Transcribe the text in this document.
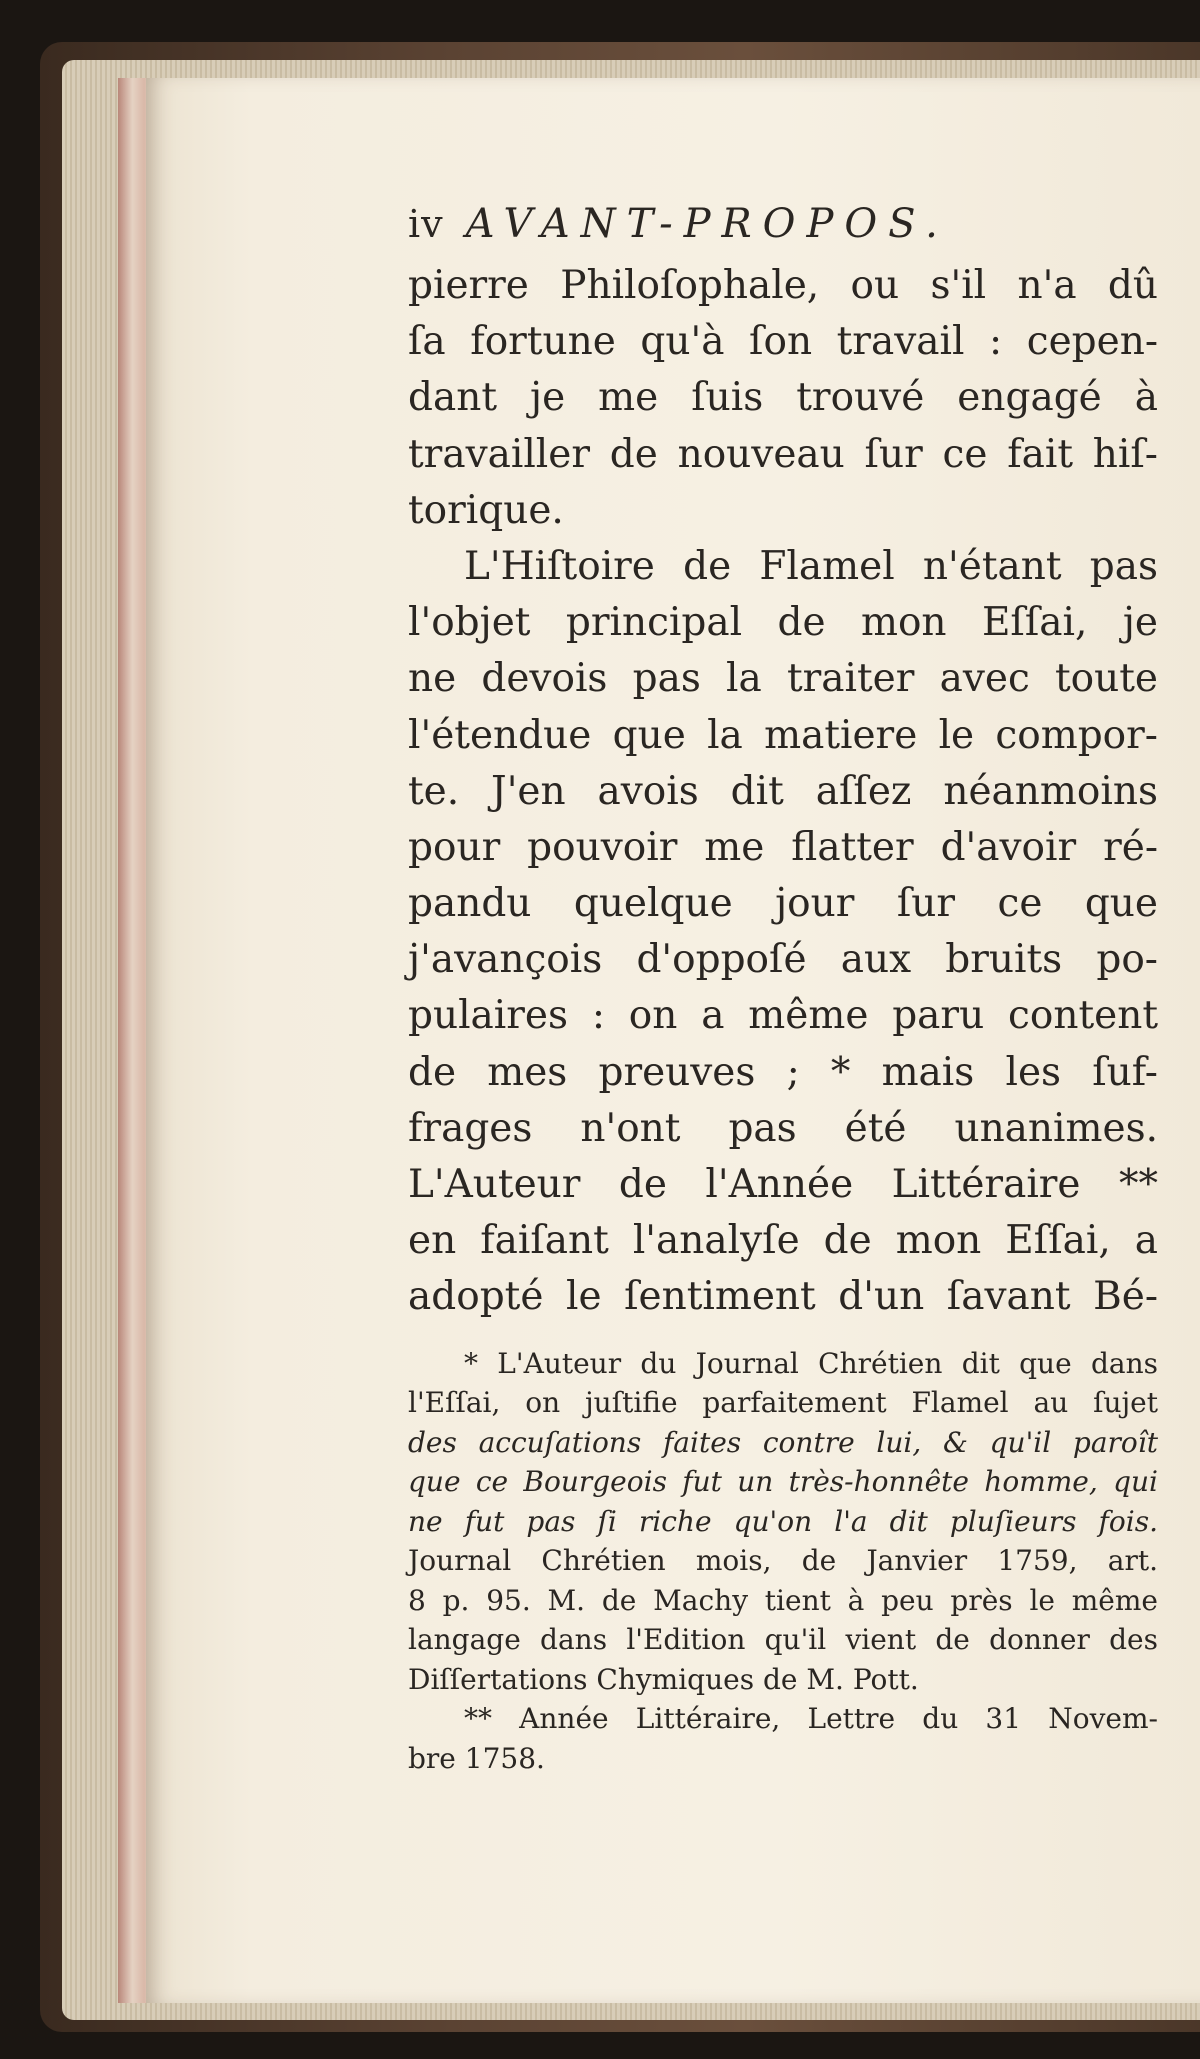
iv AVANT-PROPOS.
pierre Philoſophale, ou s'il n'a dû
ſa fortune qu'à ſon travail : cepen-
dant je me ſuis trouvé engagé à
travailler de nouveau ſur ce fait hiſ-
torique.
L'Hiſtoire de Flamel n'étant pas
l'objet principal de mon Eſſai, je
ne devois pas la traiter avec toute
l'étendue que la matiere le compor-
te. J'en avois dit aſſez néanmoins
pour pouvoir me flatter d'avoir ré-
pandu quelque jour ſur ce que
j'avançois d'oppoſé aux bruits po-
pulaires : on a même paru content
de mes preuves ; * mais les ſuf-
frages n'ont pas été unanimes.
L'Auteur de l'Année Littéraire **
en faiſant l'analyſe de mon Eſſai, a
adopté le ſentiment d'un ſavant Bé-
* L'Auteur du Journal Chrétien dit que dans
l'Eſſai, on juſtifie parfaitement Flamel au ſujet
des accuſations faites contre lui, & qu'il paroît
que ce Bourgeois fut un très-honnête homme, qui
ne fut pas ſi riche qu'on l'a dit pluſieurs fois.
Journal Chrétien mois, de Janvier 1759, art.
8 p. 95. M. de Machy tient à peu près le même
langage dans l'Edition qu'il vient de donner des
Diſſertations Chymiques de M. Pott.
** Année Littéraire, Lettre du 31 Novem-
bre 1758.
